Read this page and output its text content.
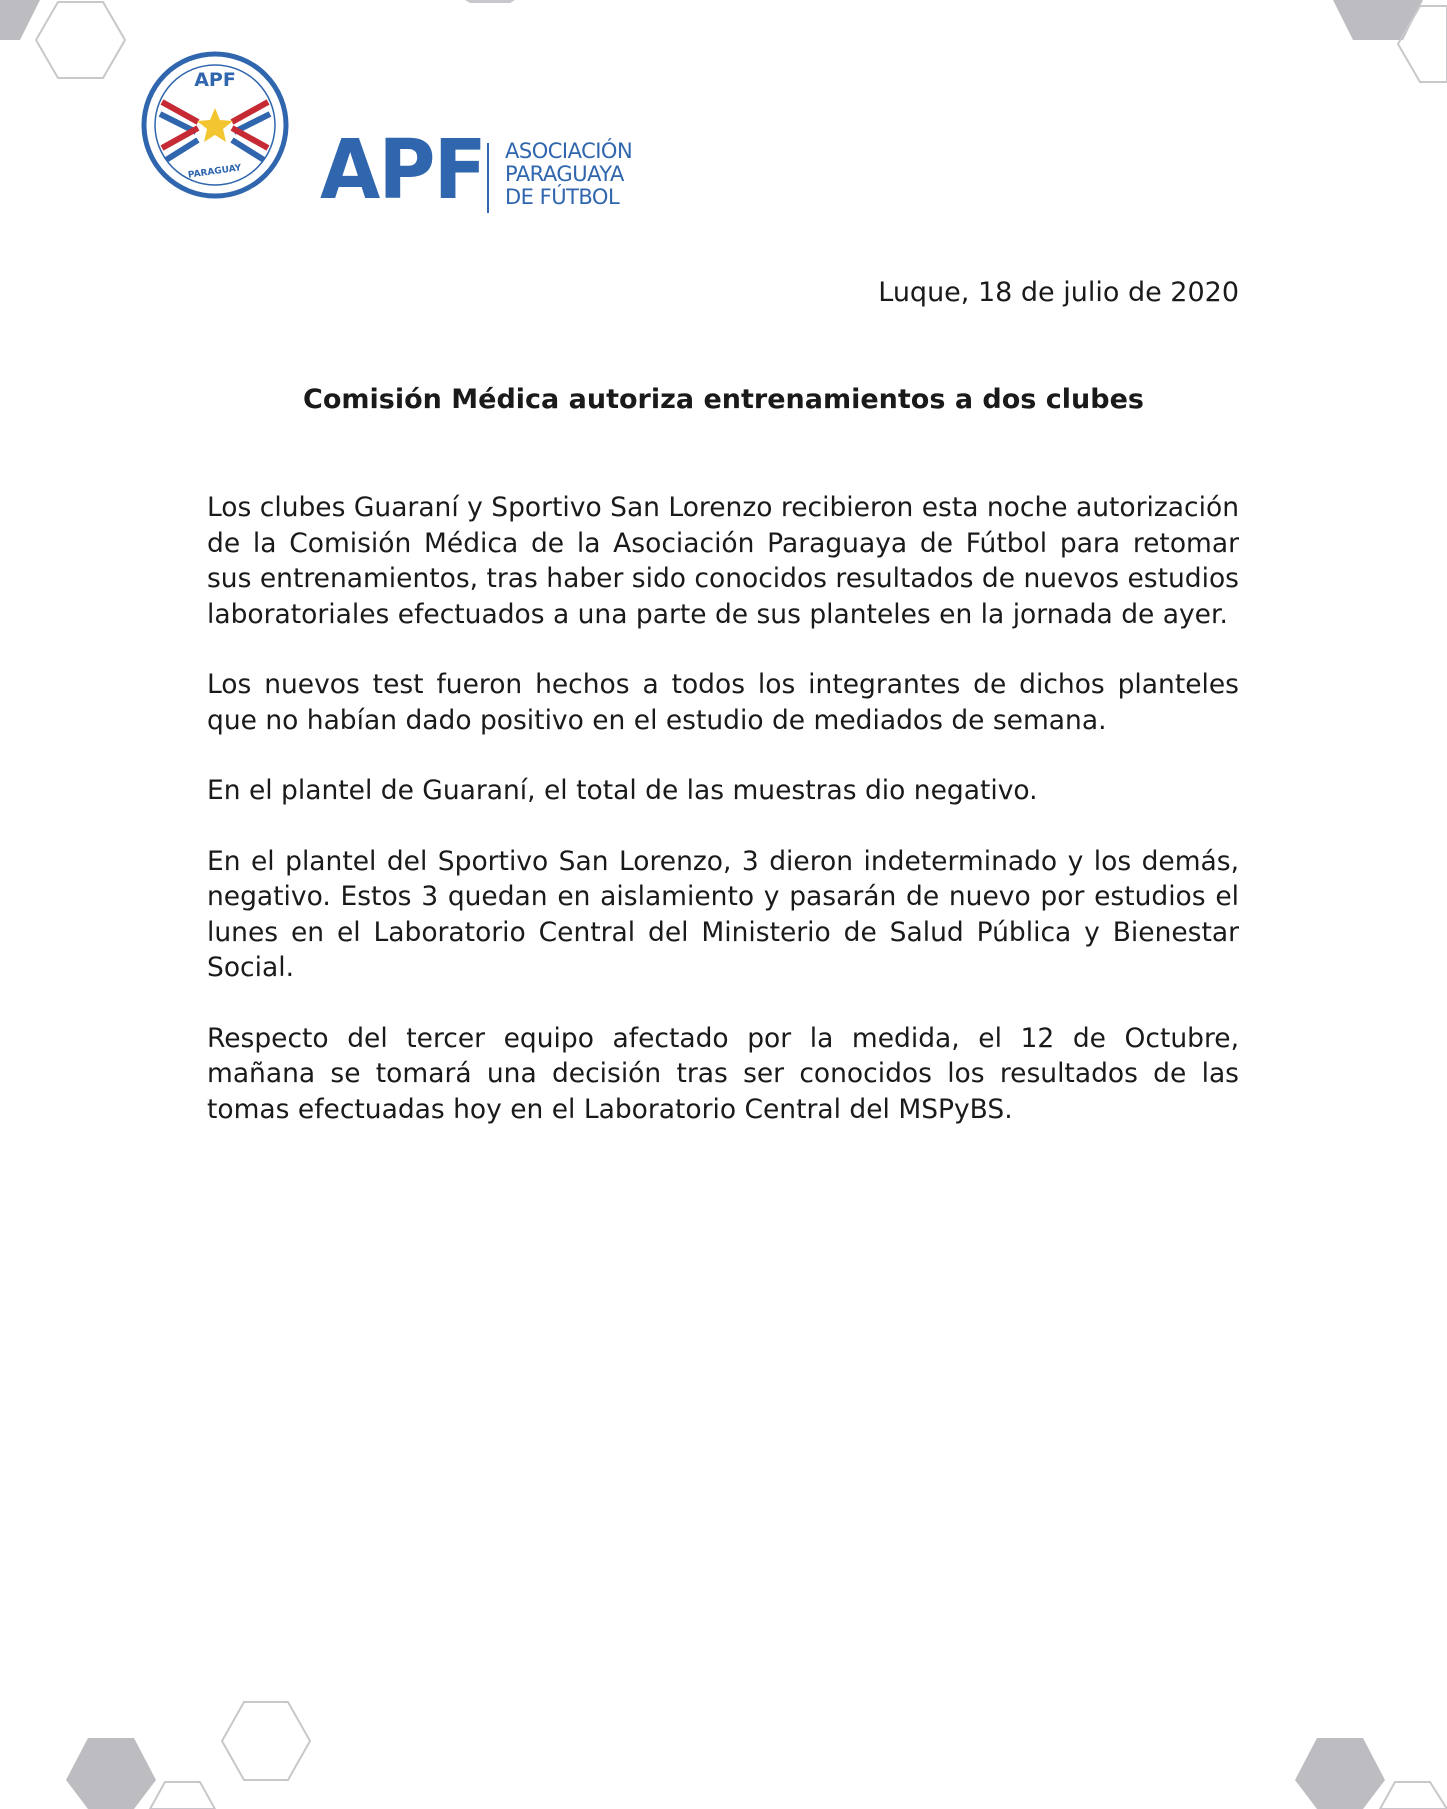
APF
PARAGUAY APF ASOCIACIÓN
PARAGUAYA
DE FÚTBOL
Luque, 18 de julio de 2020
Comisión Médica autoriza entrenamientos a dos clubes

Los clubes Guaraní y Sportivo San Lorenzo recibieron esta noche autorización de la Comisión Médica de la Asociación Paraguaya de Fútbol para retomar sus entrenamientos, tras haber sido conocidos resultados de nuevos estudios laboratoriales efectuados a una parte de sus planteles en la jornada de ayer.

Los nuevos test fueron hechos a todos los integrantes de dichos planteles que no habían dado positivo en el estudio de mediados de semana.

En el plantel de Guaraní, el total de las muestras dio negativo.

En el plantel del Sportivo San Lorenzo, 3 dieron indeterminado y los demás, negativo. Estos 3 quedan en aislamiento y pasarán de nuevo por estudios el lunes en el Laboratorio Central del Ministerio de Salud Pública y Bienestar Social.

Respecto del tercer equipo afectado por la medida, el 12 de Octubre, mañana se tomará una decisión tras ser conocidos los resultados de las tomas efectuadas hoy en el Laboratorio Central del MSPyBS.
